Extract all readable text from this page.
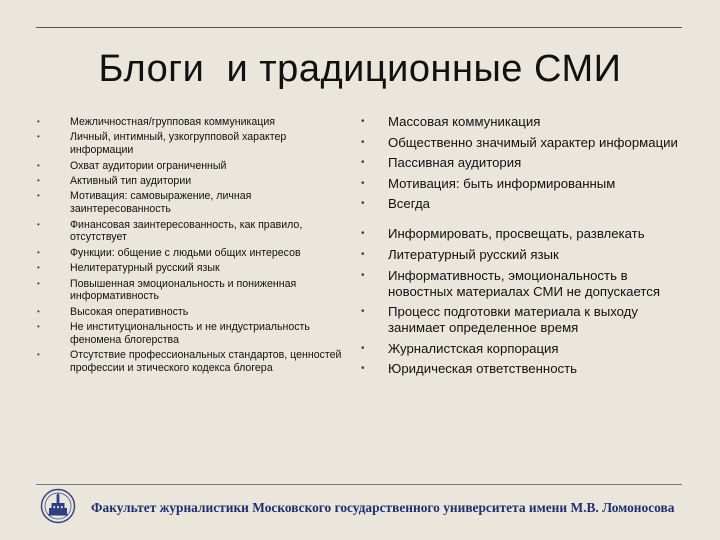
Блоги  и традиционные СМИ
• Межличностная/групповая коммуникация
• Личный, интимный, узкогрупповой характер информации
• Охват аудитории ограниченный
• Активный тип аудитории
• Мотивация: самовыражение, личная заинтересованность
• Финансовая заинтересованность, как правило, отсутствует
• Функции: общение с людьми общих интересов
• Нелитературный русский язык
• Повышенная эмоциональность и пониженная информативность
• Высокая оперативность
• Не институциональность и не индустриальность феномена блогерства
• Отсутствие профессиональных стандартов, ценностей профессии и этического кодекса блогера
• Массовая коммуникация
• Общественно значимый характер информации
• Пассивная аудитория
• Мотивация: быть информированным
• Всегда
• Информировать, просвещать, развлекать
• Литературный русский язык
• Информативность, эмоциональность в новостных материалах СМИ не допускается
• Процесс подготовки материала к выходу занимает определенное время
• Журналистская корпорация
• Юридическая ответственность
Факультет журналистики Московского государственного университета имени М.В. Ломоносова
